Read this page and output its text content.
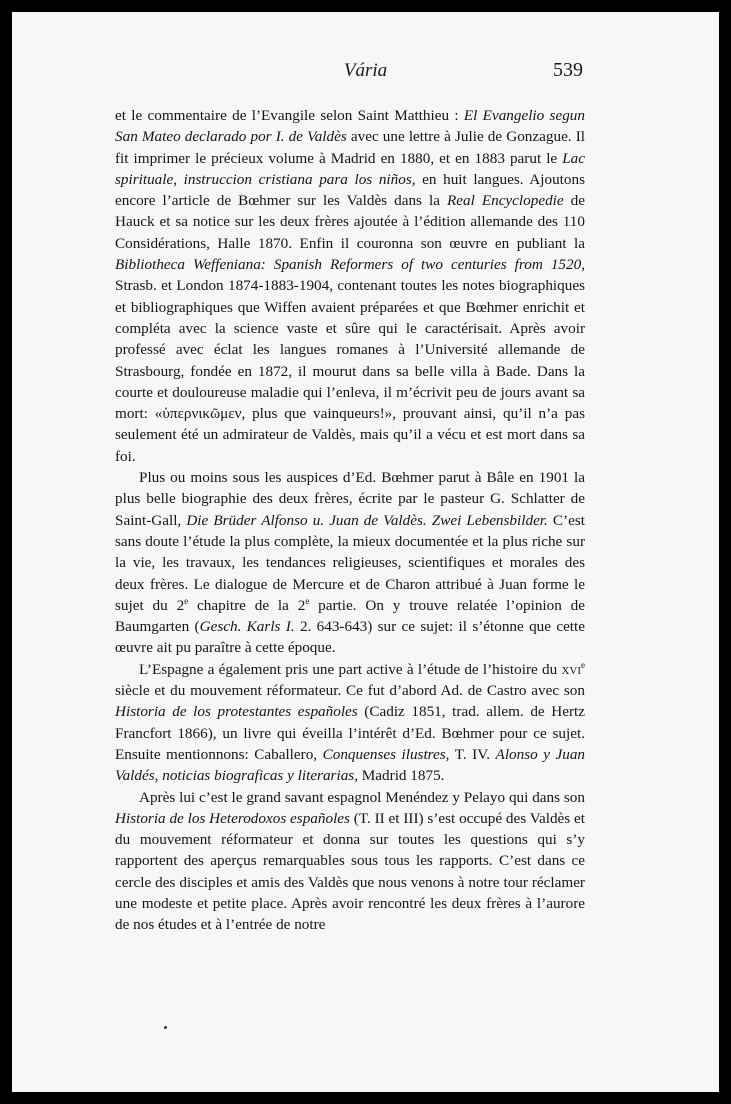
Vária	539

et le commentaire de l’Evangile selon Saint Matthieu : El Evangelio segun San Mateo declarado por I. de Valdès avec une lettre à Julie de Gonzague. Il fit imprimer le précieux volume à Madrid en 1880, et en 1883 parut le Lac spirituale, instruccion cristiana para los niños, en huit langues. Ajoutons encore l’article de Bœhmer sur les Valdès dans la Real Encyclopedie de Hauck et sa notice sur les deux frères ajoutée à l’édition allemande des 110 Considérations, Halle 1870. Enfin il couronna son œuvre en publiant la Bibliotheca Weffeniana: Spanish Reformers of two centuries from 1520, Strasb. et London 1874-1883-1904, contenant toutes les notes biographiques et bibliographiques que Wiffen avaient préparées et que Bœhmer enrichit et compléta avec la science vaste et sûre qui le caractérisait. Après avoir professé avec éclat les langues romanes à l’Université allemande de Strasbourg, fondée en 1872, il mourut dans sa belle villa à Bade. Dans la courte et douloureuse maladie qui l’enleva, il m’écrivit peu de jours avant sa mort: «ὑπερνικῶμεν, plus que vainqueurs!», prouvant ainsi, qu’il n’a pas seulement été un admirateur de Valdès, mais qu’il a vécu et est mort dans sa foi.

Plus ou moins sous les auspices d’Ed. Bœhmer parut à Bâle en 1901 la plus belle biographie des deux frères, écrite par le pasteur G. Schlatter de Saint-Gall, Die Brüder Alfonso u. Juan de Valdès. Zwei Lebensbilder. C’est sans doute l’étude la plus complète, la mieux documentée et la plus riche sur la vie, les travaux, les tendances religieuses, scientifiques et morales des deux frères. Le dialogue de Mercure et de Charon attribué à Juan forme le sujet du 2e chapitre de la 2e partie. On y trouve relatée l’opinion de Baumgarten (Gesch. Karls I. 2. 643-643) sur ce sujet: il s’étonne que cette œuvre ait pu paraître à cette époque.

L’Espagne a également pris une part active à l’étude de l’histoire du xvi$^e$ siècle et du mouvement réformateur. Ce fut d’abord Ad. de Castro avec son Historia de los protestantes españoles (Cadiz 1851, trad. allem. de Hertz Francfort 1866), un livre qui éveilla l’intérêt d’Ed. Bœhmer pour ce sujet. Ensuite mentionnons: Caballero, Conquenses ilustres, T. IV. Alonso y Juan Valdés, noticias biograficas y literarias, Madrid 1875.

Après lui c’est le grand savant espagnol Menéndez y Pelayo qui dans son Historia de los Heterodoxos españoles (T. II et III) s’est occupé des Valdès et du mouvement réformateur et donna sur toutes les questions qui s’y rapportent des aperçus remarquables sous tous les rapports. C’est dans ce cercle des disciples et amis des Valdès que nous venons à notre tour réclamer une modeste et petite place. Après avoir rencontré les deux frères à l’aurore de nos études et à l’entrée de notre
